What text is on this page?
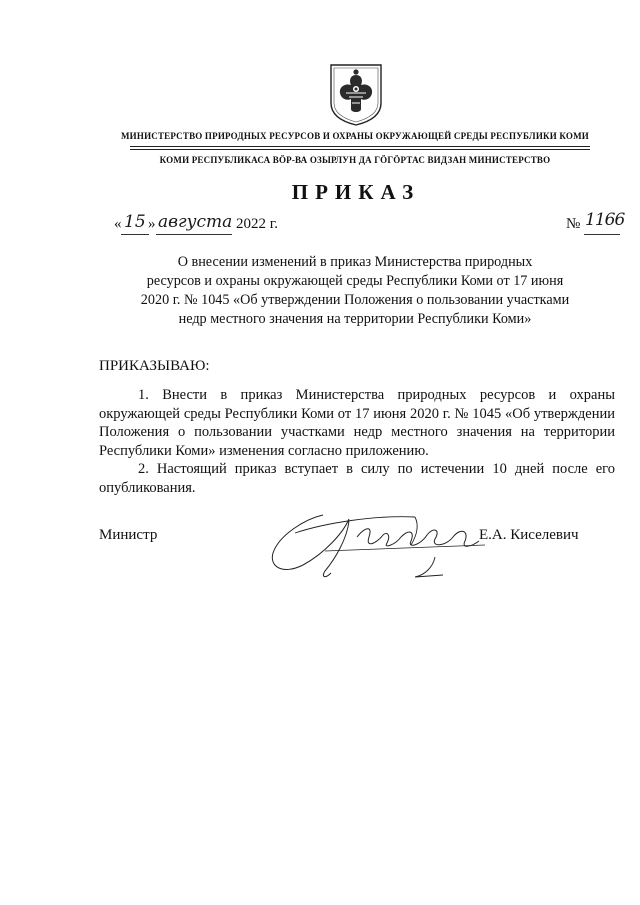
МИНИСТЕРСТВО ПРИРОДНЫХ РЕСУРСОВ И ОХРАНЫ ОКРУЖАЮЩЕЙ СРЕДЫ РЕСПУБЛИКИ КОМИ
КОМИ РЕСПУБЛИКАСА ВӦР-ВА ОЗЫРЛУН ДА ГӦГӦРТАС ВИДЗАН МИНИСТЕРСТВО
ПРИКАЗ
« 15 » августа 2022 г.	№ 1166
О внесении изменений в приказ Министерства природных
ресурсов и охраны окружающей среды Республики Коми от 17 июня
2020 г. № 1045 «Об утверждении Положения о пользовании участками
недр местного значения на территории Республики Коми»
ПРИКАЗЫВАЮ:

1. Внести в приказ Министерства природных ресурсов и охраны окружающей среды Республики Коми от 17 июня 2020 г. № 1045 «Об утверждении Положения о пользовании участками недр местного значения на территории Республики Коми» изменения согласно приложению.

2. Настоящий приказ вступает в силу по истечении 10 дней после его опубликования.

Министр	Е.А. Киселевич
